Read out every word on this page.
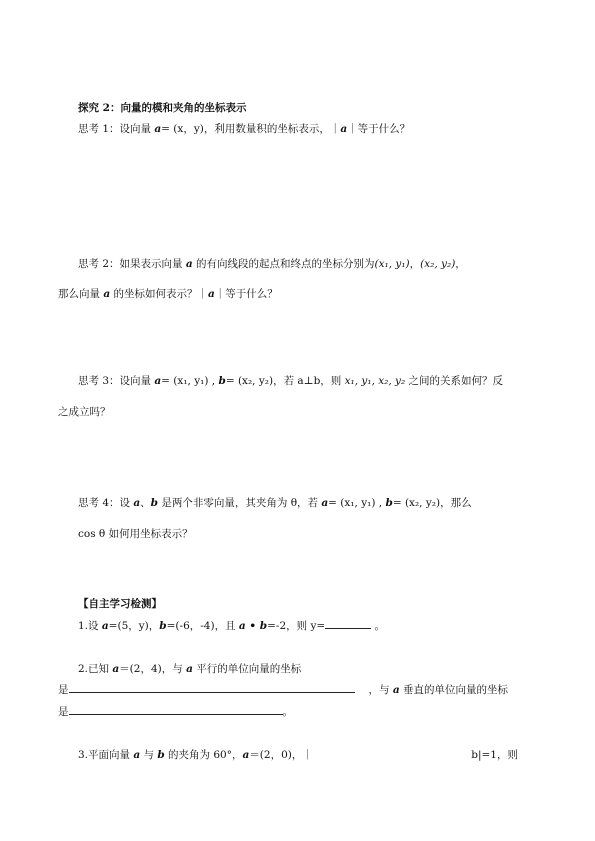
探究 2：向量的模和夹角的坐标表示
思考 1：设向量 a= (x，y)，利用数量积的坐标表示，｜a｜等于什么？
思考 2：如果表示向量 a 的有向线段的起点和终点的坐标分别为(x₁, y₁)，(x₂, y₂)，
那么向量 a 的坐标如何表示？｜a｜等于什么？
思考 3：设向量 a= (x₁, y₁) , b= (x₂, y₂)，若 a⊥b，则 x₁, y₁, x₂, y₂ 之间的关系如何？反
之成立吗？
思考 4：设 a、b 是两个非零向量，其夹角为 θ，若 a= (x₁, y₁) , b= (x₂, y₂)，那么
cos θ 如何用坐标表示？
【自主学习检测】
1.设 a=(5，y)，b=(-6，-4)，且 a • b=-2，则 y=	。
2.已知 a＝(2，4)，与 a 平行的单位向量的坐标
是	，与 a 垂直的单位向量的坐标
是	。
3.平面向量 a 与 b 的夹角为 60°，a＝(2，0)，｜	b|=1，则
